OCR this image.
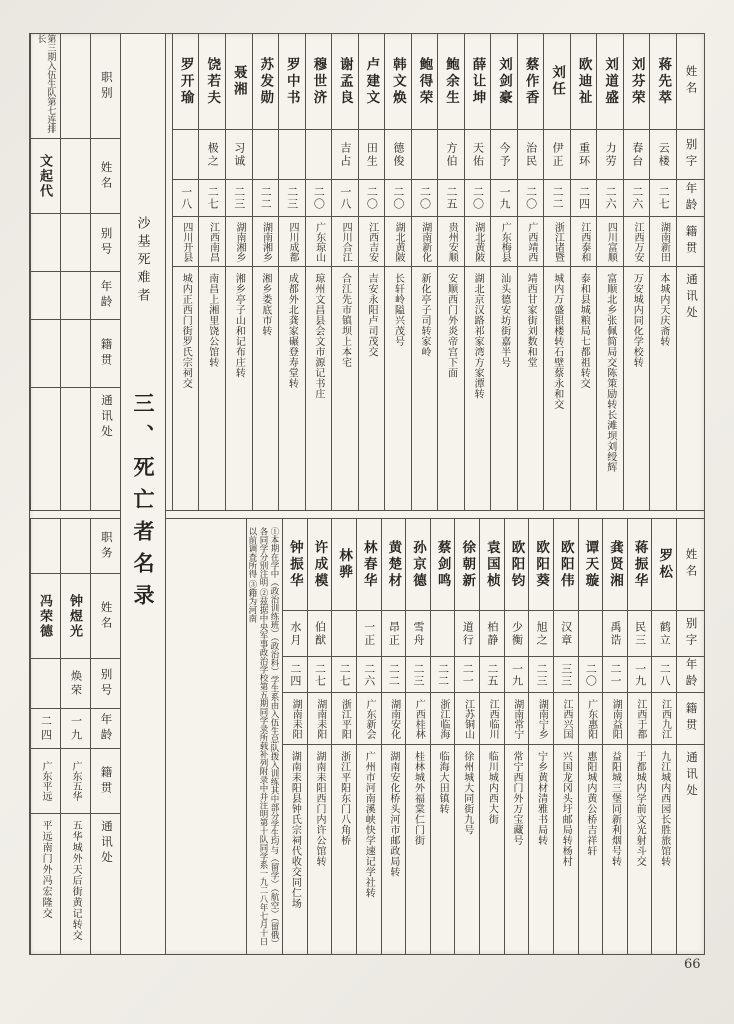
沙基死难者
三、死亡者名录
职别
姓名
别号
年龄
籍贯
通讯处
第三期入伍生队第七连排长
文起代
姓名
别字
年龄
籍贯
通讯处
蒋先萃
云楼
二七
湖南新田
本城内天庆斋转
刘芬荣
春台
二六
江西万安
万安城内同化学校转
刘道盛
力劳
二六
四川富顺
富顺北乡张佩简局交陈策励转长滩坝刘绶辉
欧迪祉
重环
二四
江西泰和
泰和县城粮局七都祖转交
刘任
伊正
二二
浙江诸暨
城内万盛银楼转石壁蔡永和交
蔡作香
治民
二〇
广西靖西
靖西甘家街刘数和堂
刘剑豪
今予
一九
广东梅县
汕头德安坊街嘉半号
薛让坤
天佑
二〇
湖北黄陂
湖北京汉路祁家湾方家潭转
鲍余生
方伯
二五
贵州安顺
安顺西门外炎帝宫下面
鲍得荣
二〇
湖南新化
新化亭子司转家岭
韩文焕
德俊
二〇
湖北黄陂
长轩岭隘兴茂号
卢建文
田生
二〇
江西吉安
吉安永阳卢司茂交
谢孟良
吉占
一八
四川合江
合江先市镇坝上本宅
穆世济
二〇
广东琼山
琼州文昌县会文市源记书庄
罗中书
二三
四川成都
成都外北龚家碾登寿堂转
苏发勋
二二
湖南湘乡
湘乡娄底市转
聂湘
习诚
二三
湖南湘乡
湘乡亭子山和记布庄转
饶若夫
极之
二七
江西南昌
南昌上湘里饶公馆转
罗开瑜
一八
四川开县
城内正西门街罗氏宗祠交
职务
姓名
别号
年龄
籍贯
通讯处
钟煜光
焕荣
一九
广东五华
五华城外天后街黄记转交
冯荣德
二四
广东平远
平远南门外冯宏隆交
姓名
别字
年龄
籍贯
通讯处
罗松
鹤立
二八
江西九江
九江城内西园长胜旅馆转
蒋振华
民三
一九
江西于都
于都城内学前文光射斗交
龚贤湘
禹诰
二一
湖南益阳
益阳城三堡同新利烟号转
谭天璇
二〇
广东惠阳
惠阳城内黄公桥吉祥轩
欧阳伟
汉章
三三
江西兴国
兴国龙冈头圩邮局转杨村
欧阳葵
旭之
二三
湖南宁乡
宁乡黄材清雅书局转
欧阳钧
少衡
一九
湖南常宁
常宁西门外万宝藏号
袁国桢
柏静
二五
江西临川
临川城内西大街
徐朝新
道行
二一
江苏铜山
徐州城大同街九号
蔡剑鸣
二二
浙江临海
临海大田镇转
孙京德
雪舟
二三
广西桂林
桂林城外福棠仁门街
黄楚材
昂正
二二
湖南安化
湖南安化桥头河市邮政局转
林春华
一正
二六
广东新会
广州市河南溪峡快学速记学社转
林骅
二七
浙江平阳
浙江平阳东门八角桥
许成模
伯猷
二七
湖南耒阳
湖南耒阳西门内许公馆转
钟振华
水月
二四
湖南耒阳
湖南耒阳县钟氏宗祠代收交同仁场
①本期在学中（政治训练班）（政治科）学生系由入伍生总队拨入训练其中部分学生均与（留学）（航空）（留俄）各同学分别注明 ②兹据中央军事政治学校第五期同学录所载补列附录中并注明第十队同学系一九二八年七月十日以前调查所得 ③籍为河南
66
